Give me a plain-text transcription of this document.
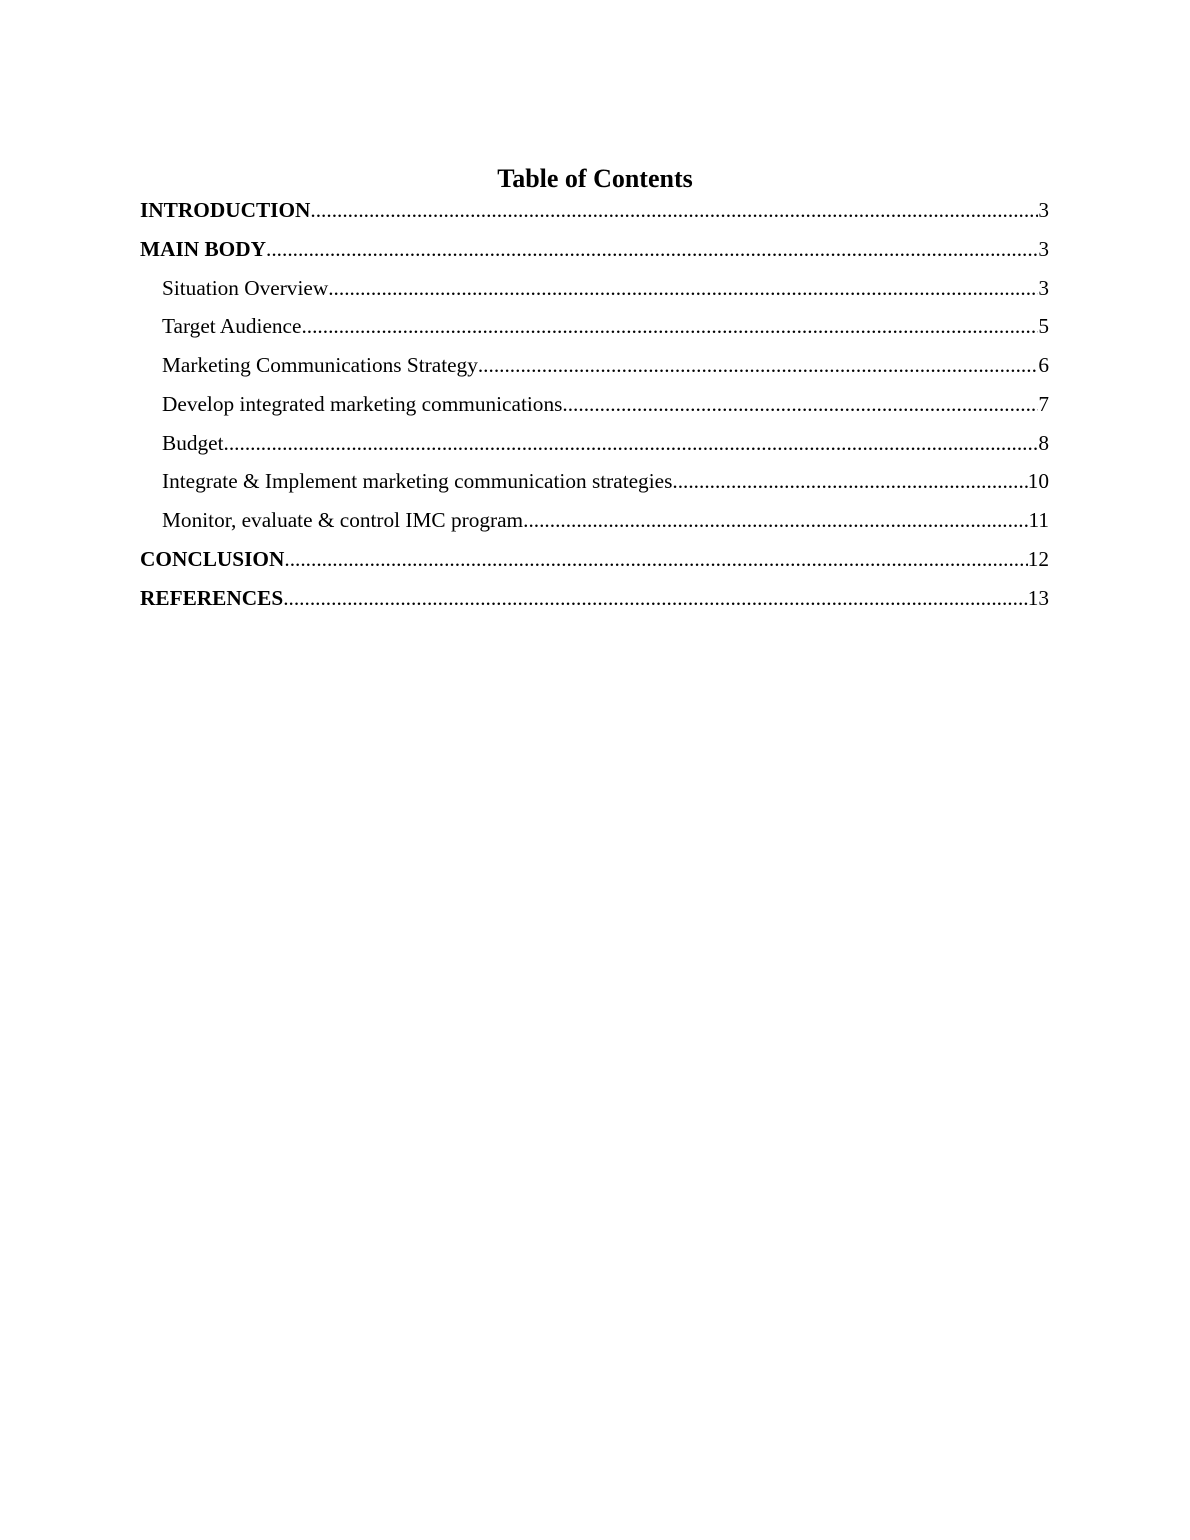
Table of Contents
INTRODUCTION .....	3
MAIN BODY .....	3
Situation Overview .....	3
Target Audience .....	5
Marketing Communications Strategy .....	6
Develop integrated marketing communications .....	7
Budget .....	8
Integrate & Implement marketing communication strategies .....	10
Monitor, evaluate & control IMC program .....	11
CONCLUSION .....	12
REFERENCES .....	13
